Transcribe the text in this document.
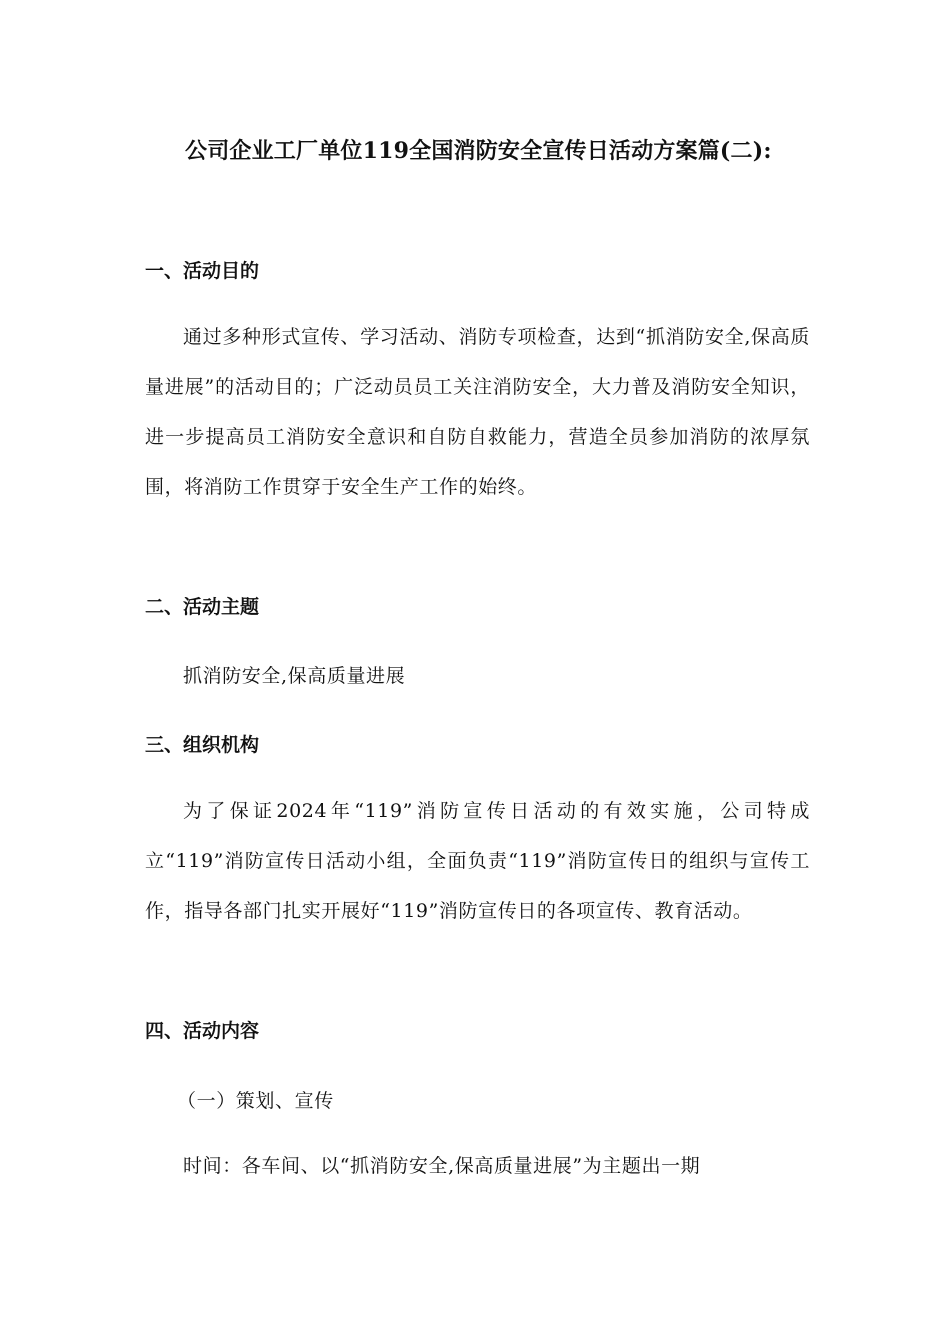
公司企业工厂单位119全国消防安全宣传日活动方案篇(二):
一、活动目的

通过多种形式宣传、学习活动、消防专项检查，达到“抓消防安全,保高质量进展”的活动目的；广泛动员员工关注消防安全，大力普及消防安全知识，进一步提高员工消防安全意识和自防自救能力，营造全员参加消防的浓厚氛围，将消防工作贯穿于安全生产工作的始终。

二、活动主题

抓消防安全,保高质量进展

三、组织机构

为了保证2024年“119”消防宣传日活动的有效实施，公司特成立“119”消防宣传日活动小组，全面负责“119”消防宣传日的组织与宣传工作，指导各部门扎实开展好“119”消防宣传日的各项宣传、教育活动。

四、活动内容

（一）策划、宣传

时间：各车间、以“抓消防安全,保高质量进展”为主题出一期
